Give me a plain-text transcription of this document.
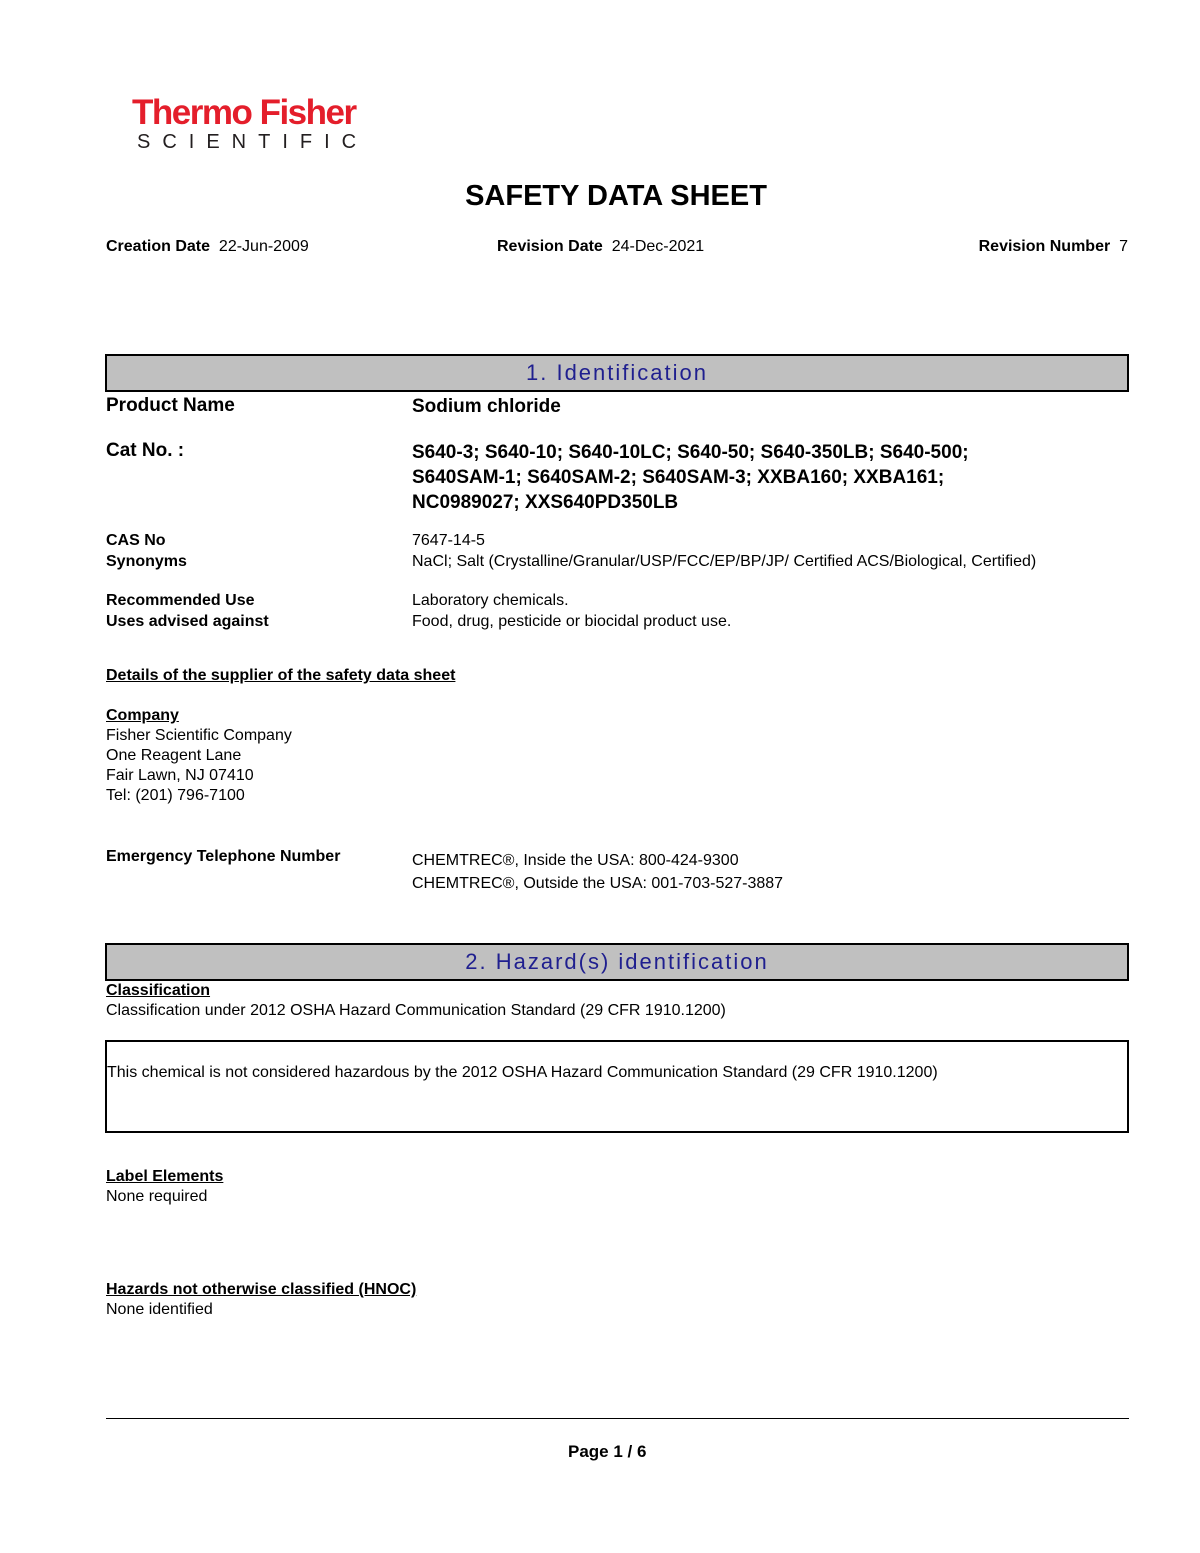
Thermo Fisher
SCIENTIFIC
SAFETY DATA SHEET
Creation Date 22-Jun-2009	Revision Date 24-Dec-2021	Revision Number 7
1. Identification
Product Name	Sodium chloride
Cat No. :	S640-3; S640-10; S640-10LC; S640-50; S640-350LB; S640-500;
S640SAM-1; S640SAM-2; S640SAM-3; XXBA160; XXBA161;
NC0989027; XXS640PD350LB
CAS No	7647-14-5
Synonyms	NaCl; Salt (Crystalline/Granular/USP/FCC/EP/BP/JP/ Certified ACS/Biological, Certified)
Recommended Use	Laboratory chemicals.
Uses advised against	Food, drug, pesticide or biocidal product use.
Details of the supplier of the safety data sheet
Company
Fisher Scientific Company
One Reagent Lane
Fair Lawn, NJ 07410
Tel: (201) 796-7100
Emergency Telephone Number	CHEMTREC®, Inside the USA: 800-424-9300
CHEMTREC®, Outside the USA: 001-703-527-3887
2. Hazard(s) identification
Classification
Classification under 2012 OSHA Hazard Communication Standard (29 CFR 1910.1200)
This chemical is not considered hazardous by the 2012 OSHA Hazard Communication Standard (29 CFR 1910.1200)
Label Elements
None required
Hazards not otherwise classified (HNOC)
None identified
Page 1 / 6
